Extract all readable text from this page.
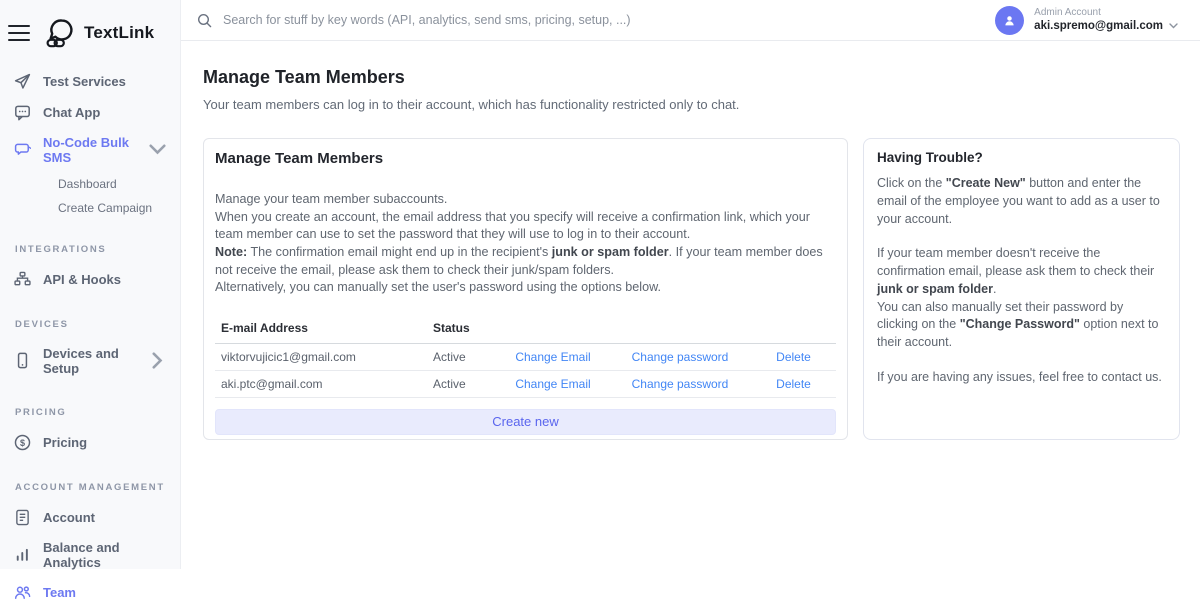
TextLink
Test Services
Chat App
No-Code Bulk SMS
Dashboard
Create Campaign
INTEGRATIONS
API & Hooks
DEVICES
Devices and Setup
PRICING
$ Pricing
ACCOUNT MANAGEMENT
Account
Balance and Analytics
Team
Search for stuff by key words (API, analytics, send sms, pricing, setup, ...)
Admin Account
aki.spremo@gmail.com
Manage Team Members

Your team members can log in to their account, which has functionality restricted only to chat.

Manage Team Members

Manage your team member subaccounts.

When you create an account, the email address that you specify will receive a confirmation link, which your team member can use to set the password that they will use to log in to their account.

Note: The confirmation email might end up in the recipient's junk or spam folder. If your team member does not receive the email, please ask them to check their junk/spam folders.

Alternatively, you can manually set the user's password using the options below.

E-mail Address	Status
viktorvujicic1@gmail.com	Active	Change Email	Change password	Delete
aki.ptc@gmail.com	Active	Change Email	Change password	Delete
Create new
Having Trouble?

Click on the "Create New" button and enter the email of the employee you want to add as a user to your account.

If your team member doesn't receive the confirmation email, please ask them to check their junk or spam folder.

You can also manually set their password by clicking on the "Change Password" option next to their account.

If you are having any issues, feel free to contact us.
